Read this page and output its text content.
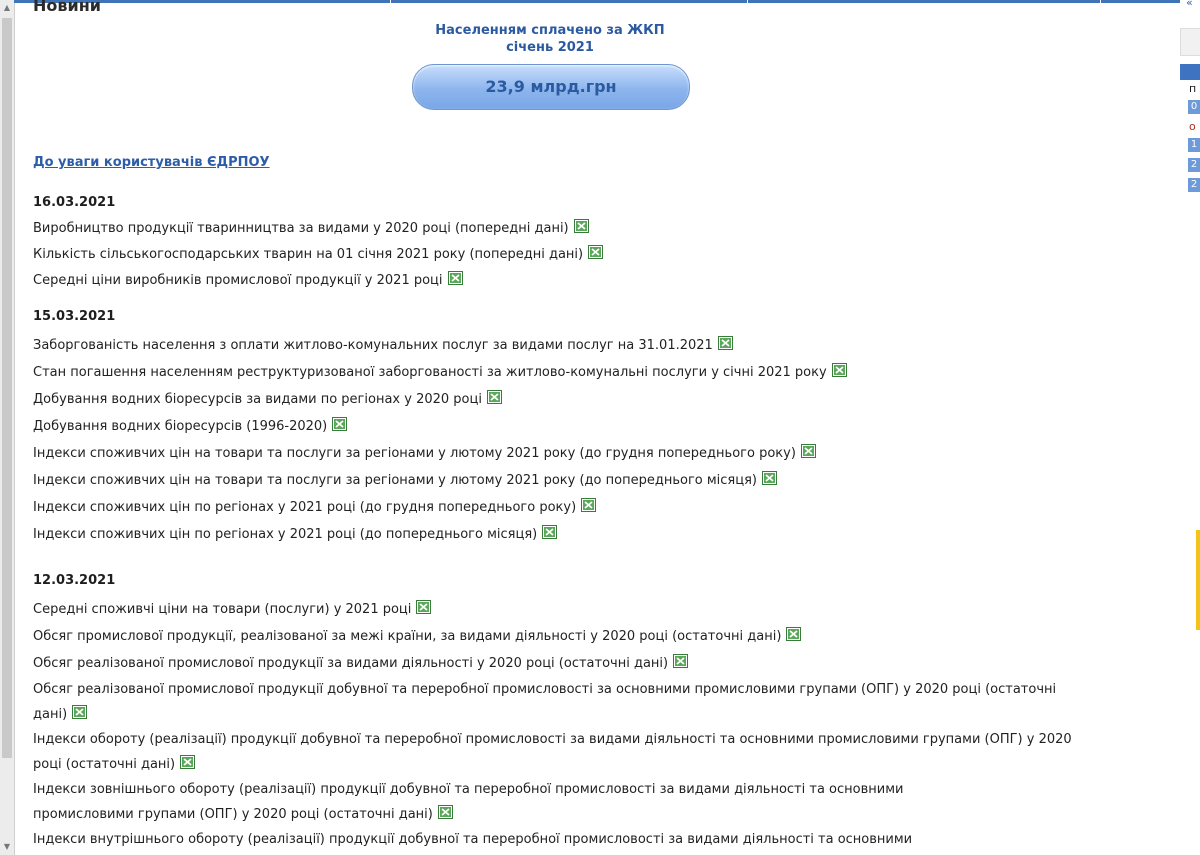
▲
▼
Новини
Населенням сплачено за ЖКП
січень 2021
23,9 млрд.грн
До уваги користувачів ЄДРПОУ

16.03.2021

Виробництво продукції тваринництва за видами у 2020 році (попередні дані)

Кількість сільськогосподарських тварин на 01 січня 2021 року (попередні дані)

Середні ціни виробників промислової продукції у 2021 році

15.03.2021

Заборгованість населення з оплати житлово-комунальних послуг за видами послуг на 31.01.2021

Стан погашення населенням реструктуризованої заборгованості за житлово-комунальні послуги у січні 2021 року

Добування водних біоресурсів за видами по регіонах у 2020 році

Добування водних біоресурсів (1996-2020)

Індекси споживчих цін на товари та послуги за регіонами у лютому 2021 року (до грудня попереднього року)

Індекси споживчих цін на товари та послуги за регіонами у лютому 2021 року (до попереднього місяця)

Індекси споживчих цін по регіонах у 2021 році (до грудня попереднього року)

Індекси споживчих цін по регіонах у 2021 році (до попереднього місяця)

12.03.2021

Середні споживчі ціни на товари (послуги) у 2021 році

Обсяг промислової продукції, реалізованої за межі країни, за видами діяльності у 2020 році (остаточні дані)

Обсяг реалізованої промислової продукції за видами діяльності у 2020 році (остаточні дані)

Обсяг реалізованої промислової продукції добувної та переробної промисловості за основними промисловими групами (ОПГ) у 2020 році (остаточні дані)

Індекси обороту (реалізації) продукції добувної та переробної промисловості за видами діяльності та основними промисловими групами (ОПГ) у 2020 році (остаточні дані)

Індекси зовнішнього обороту (реалізації) продукції добувної та переробної промисловості за видами діяльності та основними промисловими групами (ОПГ) у 2020 році (остаточні дані)

Індекси внутрішнього обороту (реалізації) продукції добувної та переробної промисловості за видами діяльності та основними

«
п
0
о
1
2
2
